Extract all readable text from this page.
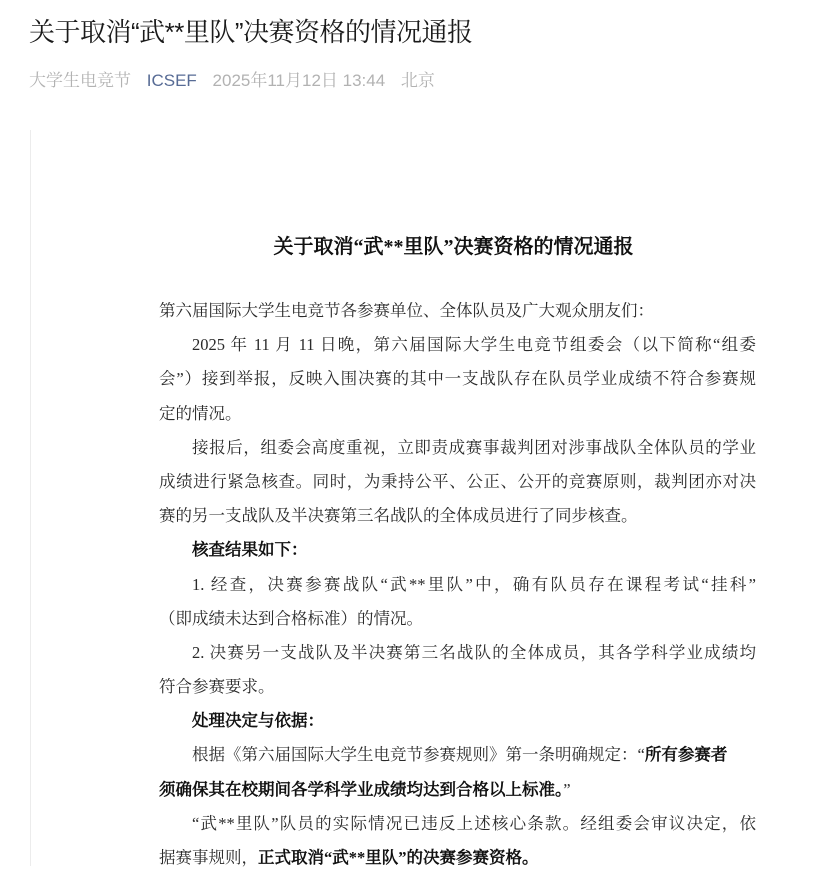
关于取消“武**里队”决赛资格的情况通报
大学生电竞节 ICSEF 2025年11月12日 13:44 北京
关于取消“武**里队”决赛资格的情况通报
第六届国际大学生电竞节各参赛单位、全体队员及广大观众朋友们：
2025 年 11 月 11 日晚，第六届国际大学生电竞节组委会（以下简称“组委
会”）接到举报，反映入围决赛的其中一支战队存在队员学业成绩不符合参赛规
定的情况。
接报后，组委会高度重视，立即责成赛事裁判团对涉事战队全体队员的学业
成绩进行紧急核查。同时，为秉持公平、公正、公开的竞赛原则，裁判团亦对决
赛的另一支战队及半决赛第三名战队的全体成员进行了同步核查。
核查结果如下：
1. 经查，决赛参赛战队“武**里队”中，确有队员存在课程考试“挂科”
（即成绩未达到合格标准）的情况。
2. 决赛另一支战队及半决赛第三名战队的全体成员，其各学科学业成绩均
符合参赛要求。
处理决定与依据：
根据《第六届国际大学生电竞节参赛规则》第一条明确规定：“所有参赛者
须确保其在校期间各学科学业成绩均达到合格以上标准。”
“武**里队”队员的实际情况已违反上述核心条款。经组委会审议决定，依
据赛事规则，正式取消“武**里队”的决赛参赛资格。
